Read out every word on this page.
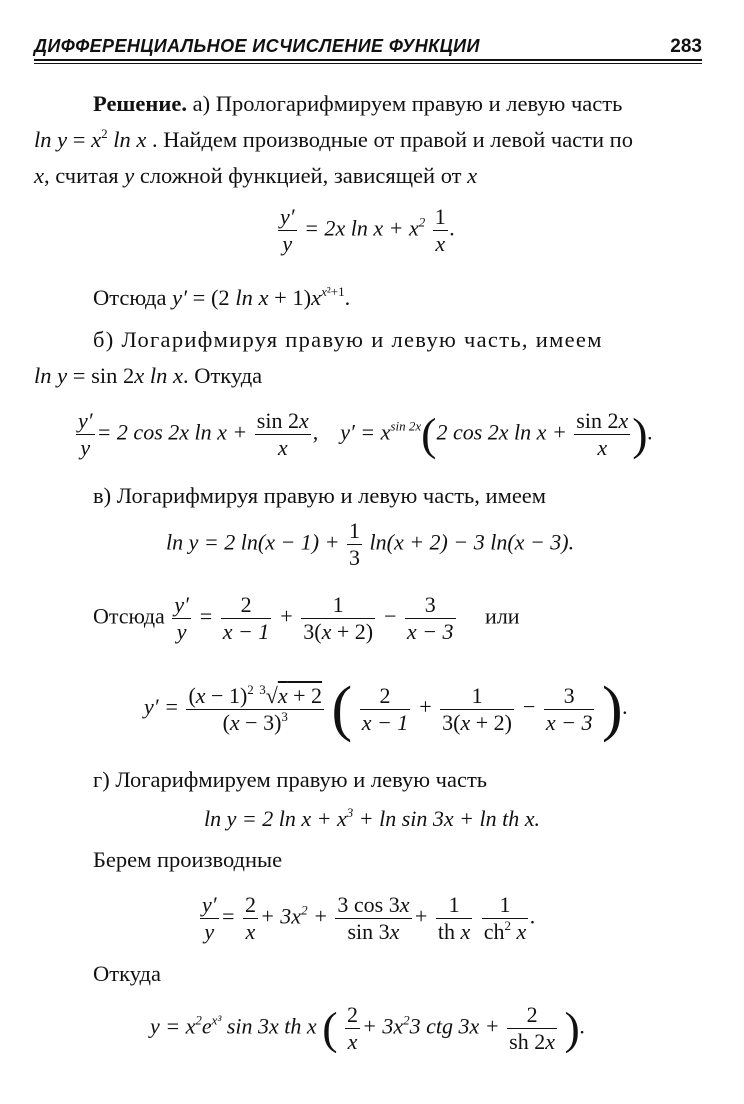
ДИФФЕРЕНЦИАЛЬНОЕ ИСЧИСЛЕНИЕ ФУНКЦИИ	283
Решение. а) Прологарифмируем правую и левую часть
$\ln y = x^2$ ln x . Найдем производные от правой и левой части по
x, считая y сложной функцией, зависящей от x
$\frac{y'}{y} = 2x$ $\ln x + x^2 \frac{1}{x}$ .
Отсюда y′ = (2 $\ln x + 1)x^{x^2+1}$.
б) Логарифмируя правую и левую часть, имеем
ln y = sin 2x ln x. Откуда
$\frac{y'}{y} = 2$ cos 2x $\ln x + \frac{\sin 2x}{x}$ ,    $y' = x^{sin 2x}(2$ cos 2x $\ln x + \frac{\sin 2x}{x}$ ).
в) Логарифмируя правую и левую часть, имеем
ln y = 2 $\ln(x - 1) + \frac{1}{3} \ln(x + 2) - 3$ ln(x − 3).
Отсюда $\frac{y'}{y} = \frac{2}{x - 1} + \frac{1}{3(x + 2)} - \frac{3}{x - 3}$ или
$y' = \frac{(x - 1)^2 ^3√x + 2}{(x - 3)^3}$ ( $\frac{2}{x - 1} + \frac{1}{3(x + 2)} - \frac{3}{x - 3}$ ).
г) Логарифмируем правую и левую часть
ln y = 2 $\ln x + x^3 + \ln \sin 3x + \ln$ th x.
Берем производные
$\frac{y'}{y} = \frac{2}{x} + 3x^2 + \frac{3 \cos 3x}{\sin 3x} + \frac{1}{\text{th x}}$
$\frac{1}{ch^2 x}$ .
Откуда
$y = x^2e^{x^3}$ sin 3x th x ( $\frac{2}{x} + 3x^23$ ctg $3x + \frac{2}{sh 2x}$ ).
